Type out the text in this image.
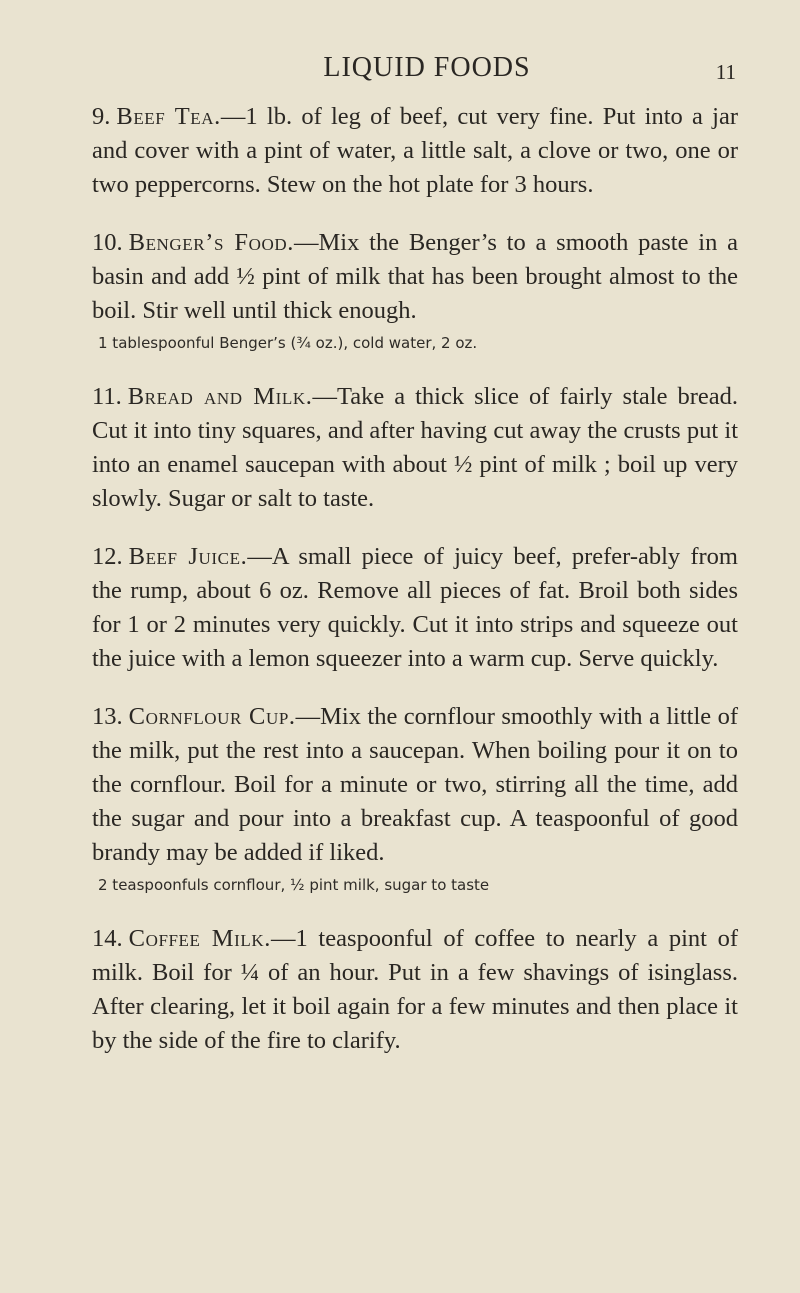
LIQUID FOODS	11
9. Beef Tea.—1 lb. of leg of beef, cut very fine. Put into a jar and cover with a pint of water, a little salt, a clove or two, one or two peppercorns. Stew on the hot plate for 3 hours.
10. Benger’s Food.—Mix the Benger’s to a smooth paste in a basin and add ½ pint of milk that has been brought almost to the boil. Stir well until thick enough.
1 tablespoonful Benger’s (¾ oz.), cold water, 2 oz.
11. Bread and Milk.—Take a thick slice of fairly stale bread. Cut it into tiny squares, and after having cut away the crusts put it into an enamel saucepan with about ½ pint of milk ; boil up very slowly. Sugar or salt to taste.
12. Beef Juice.—A small piece of juicy beef, prefer-ably from the rump, about 6 oz. Remove all pieces of fat. Broil both sides for 1 or 2 minutes very quickly. Cut it into strips and squeeze out the juice with a lemon squeezer into a warm cup. Serve quickly.
13. Cornflour Cup.—Mix the cornflour smoothly with a little of the milk, put the rest into a saucepan. When boiling pour it on to the cornflour. Boil for a minute or two, stirring all the time, add the sugar and pour into a breakfast cup. A teaspoonful of good brandy may be added if liked.
2 teaspoonfuls cornflour, ½ pint milk, sugar to taste
14. Coffee Milk.—1 teaspoonful of coffee to nearly a pint of milk. Boil for ¼ of an hour. Put in a few shavings of isinglass. After clearing, let it boil again for a few minutes and then place it by the side of the fire to clarify.
